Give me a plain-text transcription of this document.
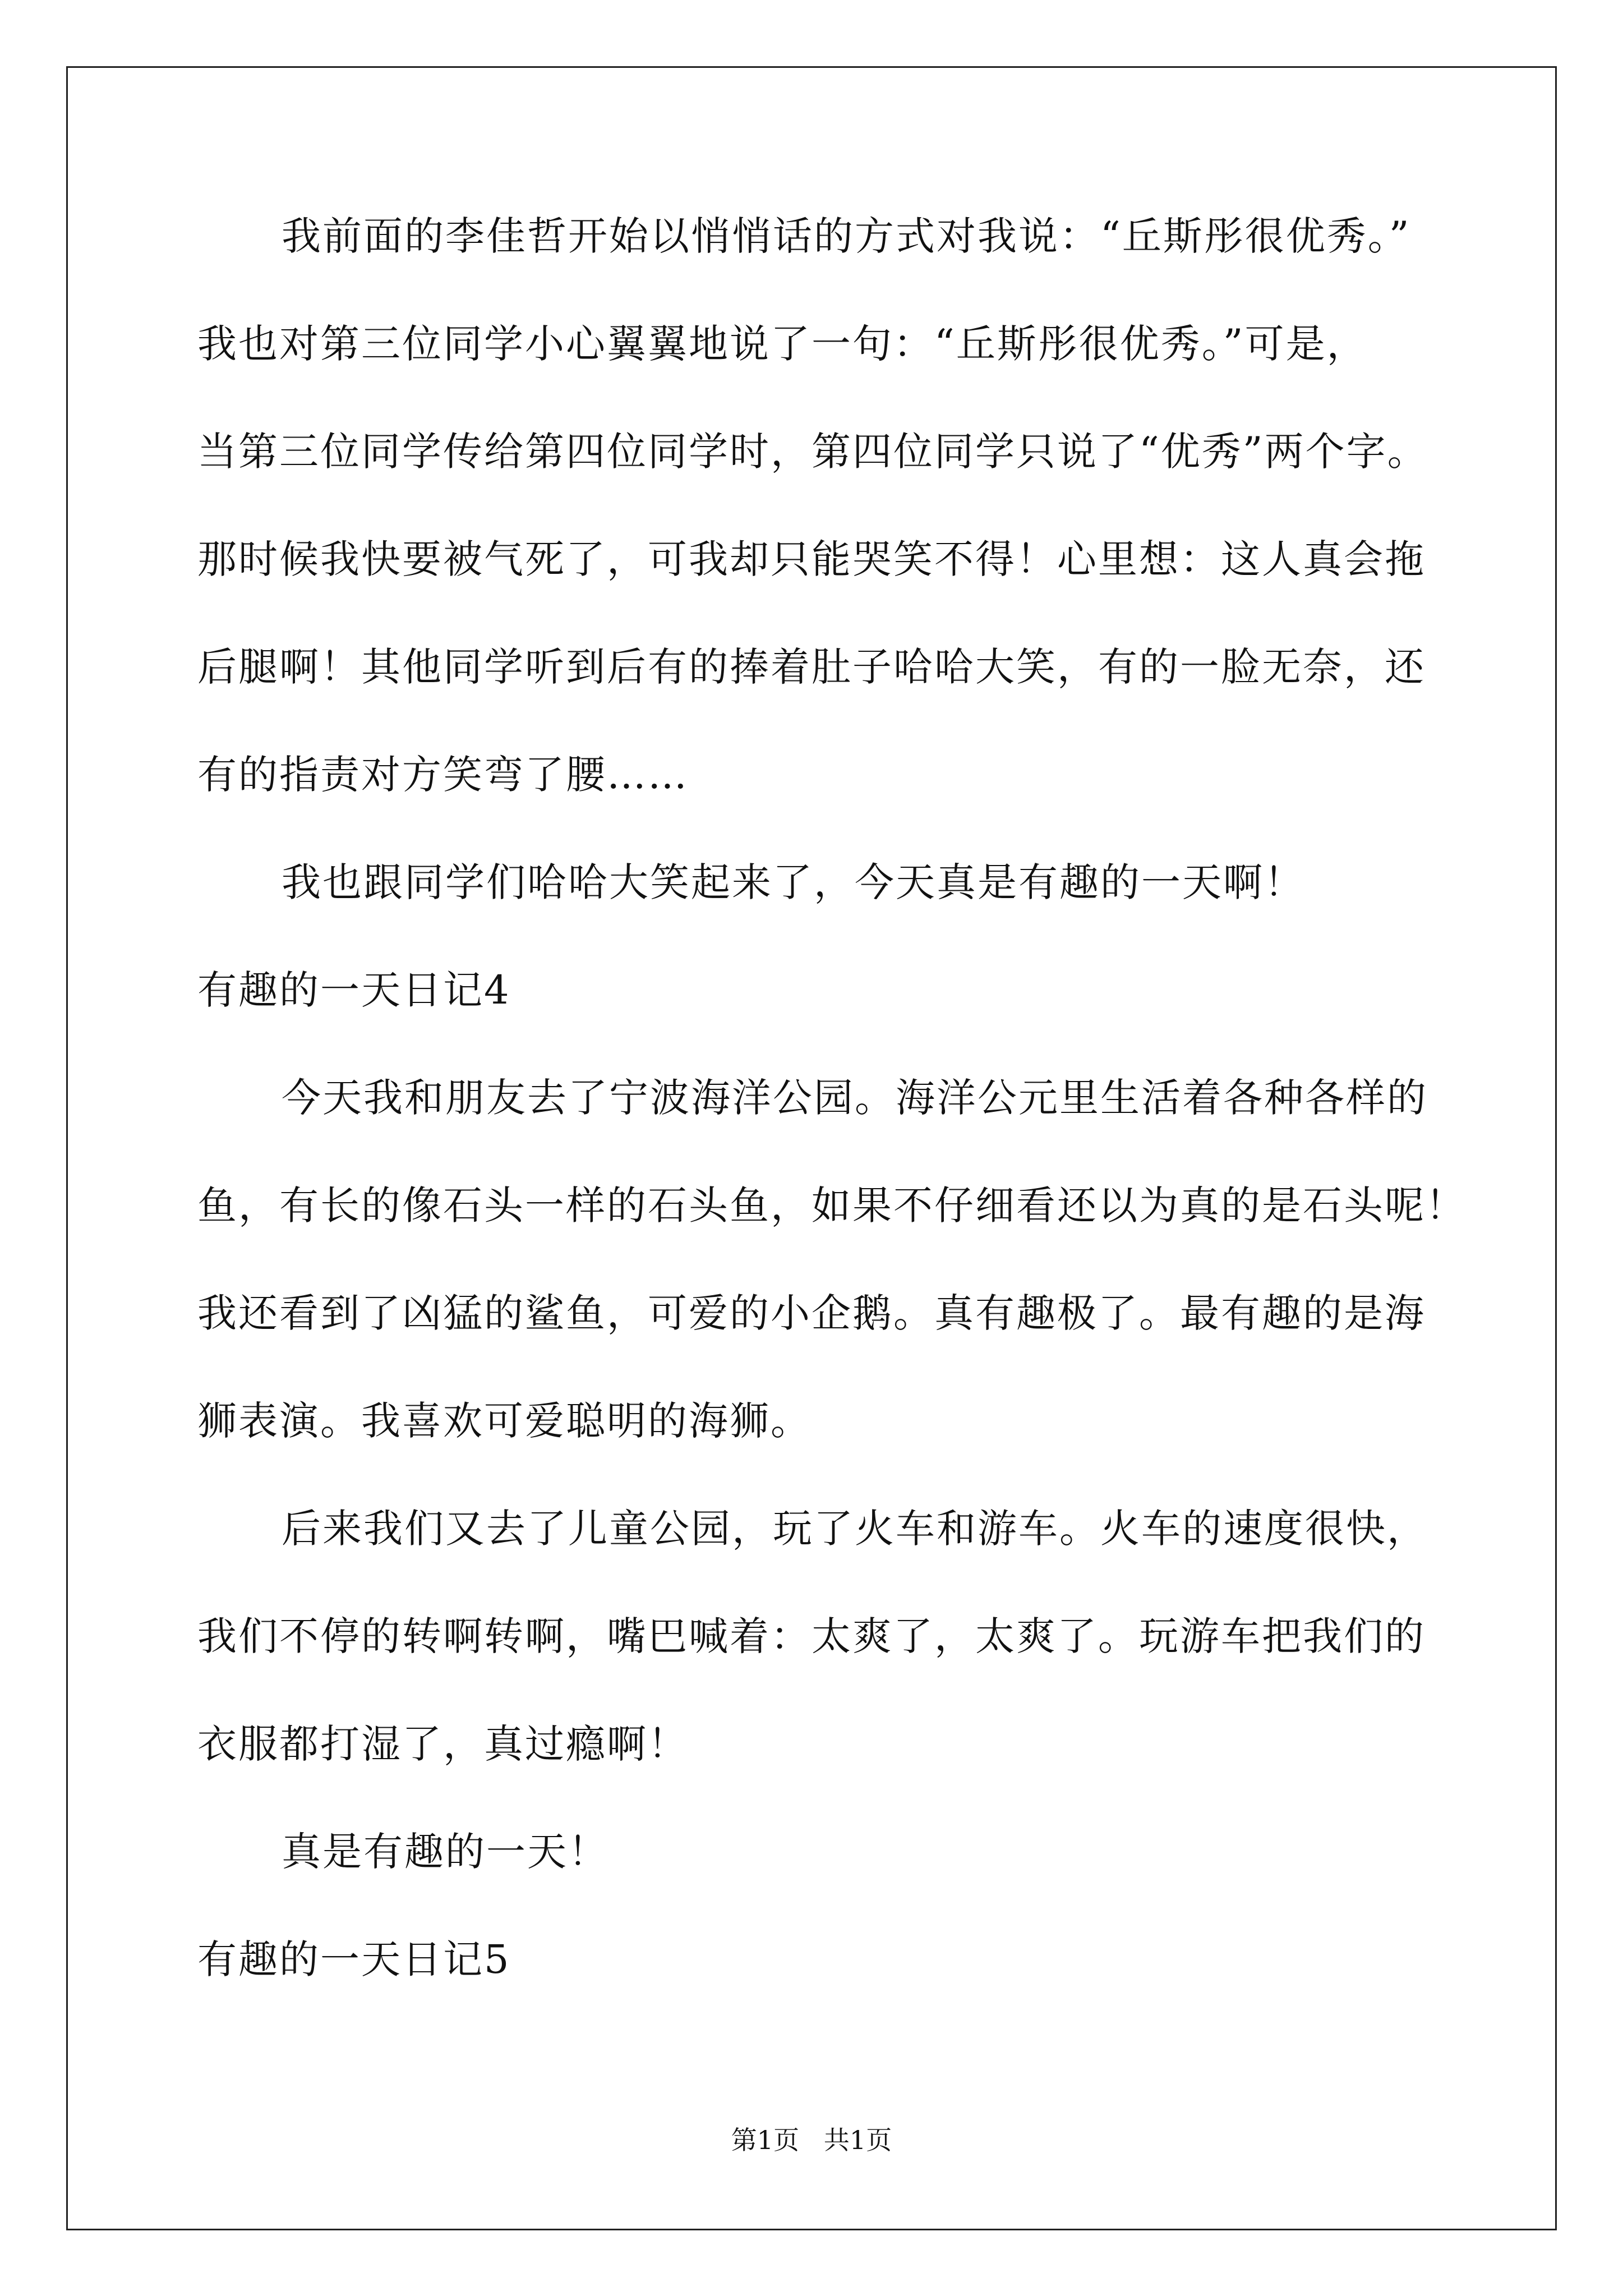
我前面的李佳哲开始以悄悄话的方式对我说：“丘斯彤很优秀。”
我也对第三位同学小心翼翼地说了一句：“丘斯彤很优秀。”可是，
当第三位同学传给第四位同学时，第四位同学只说了“优秀”两个字。
那时候我快要被气死了，可我却只能哭笑不得！心里想：这人真会拖
后腿啊！其他同学听到后有的捧着肚子哈哈大笑，有的一脸无奈，还
有的指责对方笑弯了腰……
我也跟同学们哈哈大笑起来了，今天真是有趣的一天啊！
有趣的一天日记4
今天我和朋友去了宁波海洋公园。海洋公元里生活着各种各样的
鱼，有长的像石头一样的石头鱼，如果不仔细看还以为真的是石头呢！
我还看到了凶猛的鲨鱼，可爱的小企鹅。真有趣极了。最有趣的是海
狮表演。我喜欢可爱聪明的海狮。
后来我们又去了儿童公园，玩了火车和游车。火车的速度很快，
我们不停的转啊转啊，嘴巴喊着：太爽了，太爽了。玩游车把我们的
衣服都打湿了，真过瘾啊！
真是有趣的一天！
有趣的一天日记5
第1页   共1页
